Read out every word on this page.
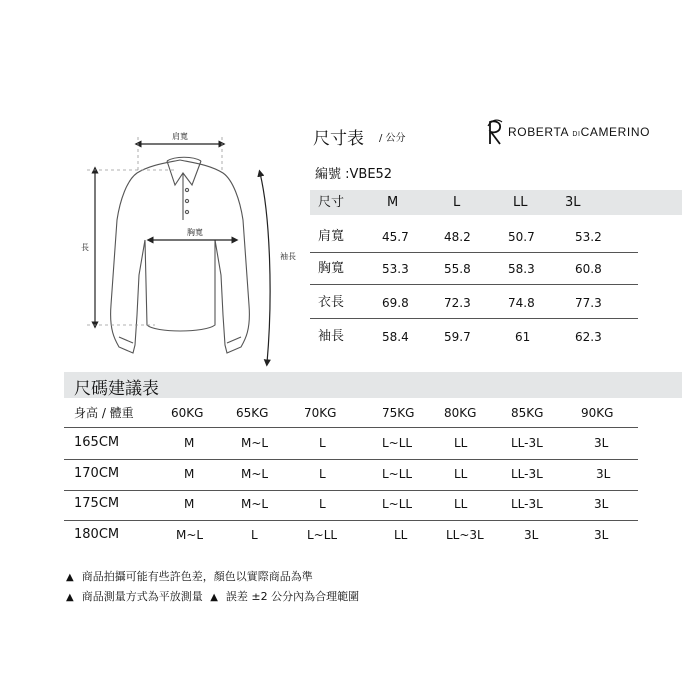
肩寬
胸寬
長
袖長
尺寸表 / 公分
編號 :VBE52
ROBERTA DICAMERINO
尺寸	M	L	LL	3L
肩寬	45.7	48.2	50.7	53.2
胸寬	53.3	55.8	58.3	60.8
衣長	69.8	72.3	74.8	77.3
袖長	58.4	59.7	61	62.3
尺碼建議表
身高 / 體重	60KG	65KG	70KG	75KG 80KG	85KG	90KG
165CM	M	M~L	L	L~LL	LL	LL-3L	3L
170CM	M	M~L	L	L~LL	LL	LL-3L	3L
175CM	M	M~L	L	L~LL	LL	LL-3L	3L
180CM	M~L	L	L~LL	LL	LL~3L	3L	3L
▲ 商品拍攝可能有些許色差，顏色以實際商品為準
▲ 商品測量方式為平放測量 ▲ 誤差 ±2 公分內為合理範圍
